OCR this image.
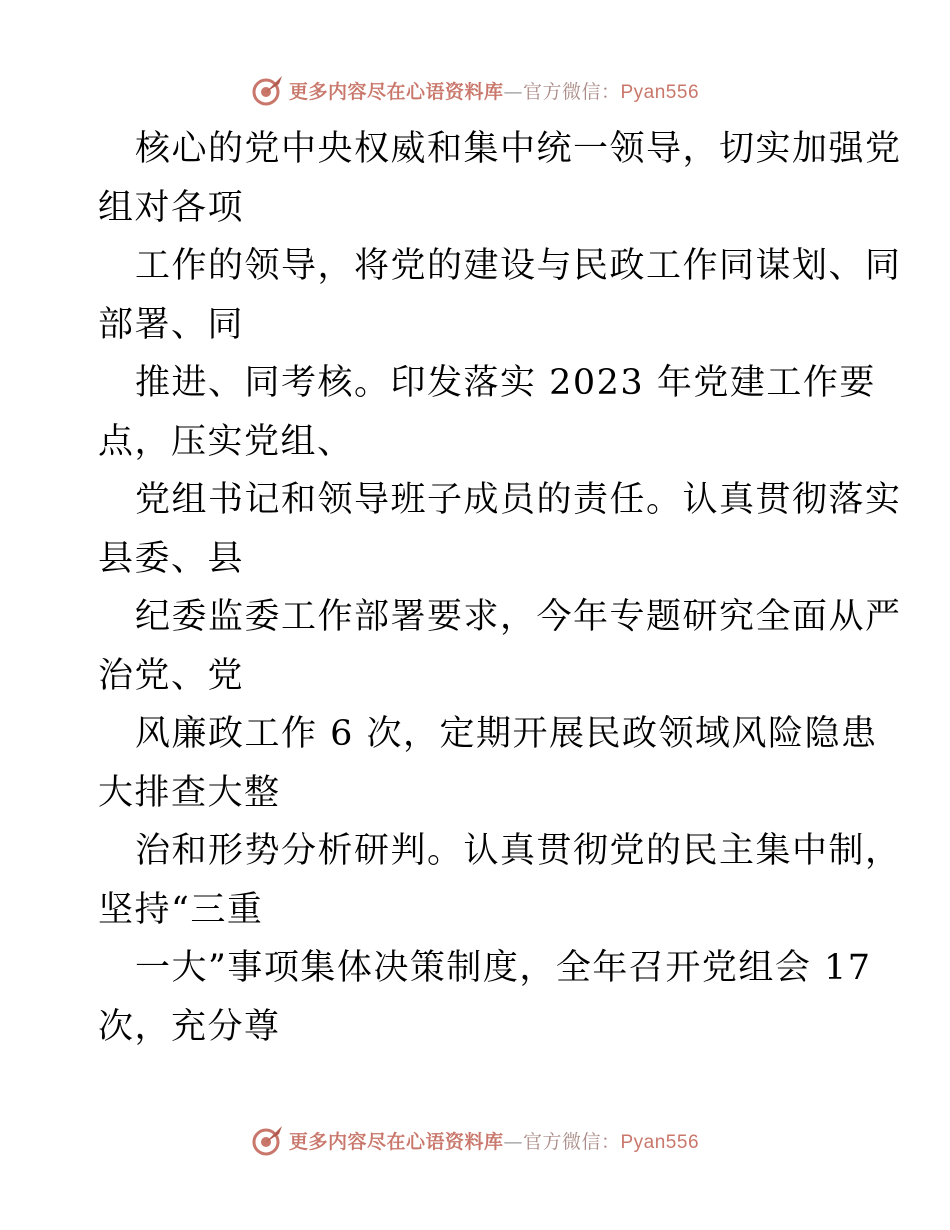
更多内容尽在心语资料库—官方微信：Pyan556
核心的党中央权威和集中统一领导，切实加强党
组对各项
工作的领导，将党的建设与民政工作同谋划、同
部署、同
推进、同考核。印发落实 2023 年党建工作要
点，压实党组、
党组书记和领导班子成员的责任。认真贯彻落实
县委、县
纪委监委工作部署要求，今年专题研究全面从严
治党、党
风廉政工作 6 次，定期开展民政领域风险隐患
大排查大整
治和形势分析研判。认真贯彻党的民主集中制，
坚持“三重
一大”事项集体决策制度，全年召开党组会 17
次，充分尊
更多内容尽在心语资料库—官方微信：Pyan556
